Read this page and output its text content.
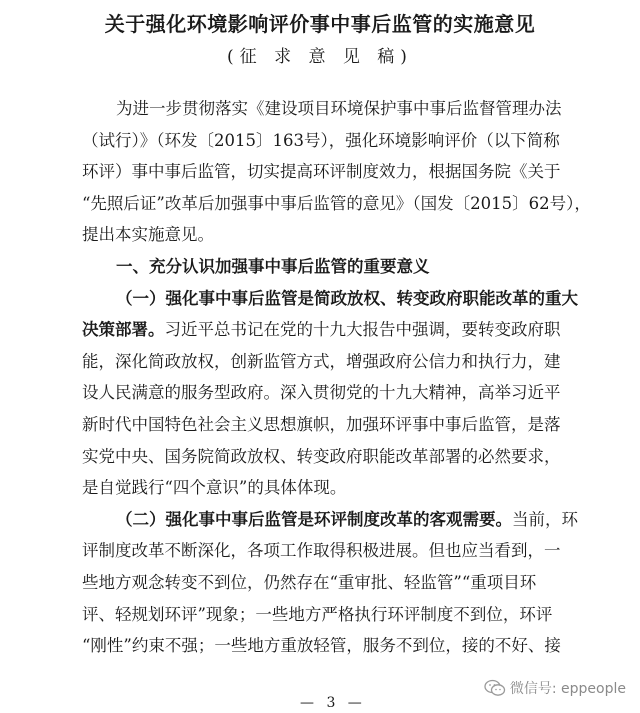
关于强化环境影响评价事中事后监管的实施意见

(征 求 意 见 稿)

为进一步贯彻落实《建设项目环境保护事中事后监督管理办法
（试行）》（环发〔2015〕163号），强化环境影响评价（以下简称
环评）事中事后监管，切实提高环评制度效力，根据国务院《关于
“先照后证”改革后加强事中事后监管的意见》（国发〔2015〕62号），
提出本实施意见。
一、充分认识加强事中事后监管的重要意义
（一）强化事中事后监管是简政放权、转变政府职能改革的重大
决策部署。 习近平总书记在党的十九大报告中强调，要转变政府职
能，深化简政放权，创新监管方式，增强政府公信力和执行力，建
设人民满意的服务型政府。深入贯彻党的十九大精神，高举习近平
新时代中国特色社会主义思想旗帜，加强环评事中事后监管，是落
实党中央、国务院简政放权、转变政府职能改革部署的必然要求，
是自觉践行“四个意识”的具体体现。
（二）强化事中事后监管是环评制度改革的客观需要。 当前，环
评制度改革不断深化，各项工作取得积极进展。但也应当看到，一
些地方观念转变不到位，仍然存在“重审批、轻监管”“重项目环
评、轻规划环评”现象；一些地方严格执行环评制度不到位，环评
“刚性”约束不强；一些地方重放轻管，服务不到位，接的不好、接
微信号: eppeople

— 3 —
